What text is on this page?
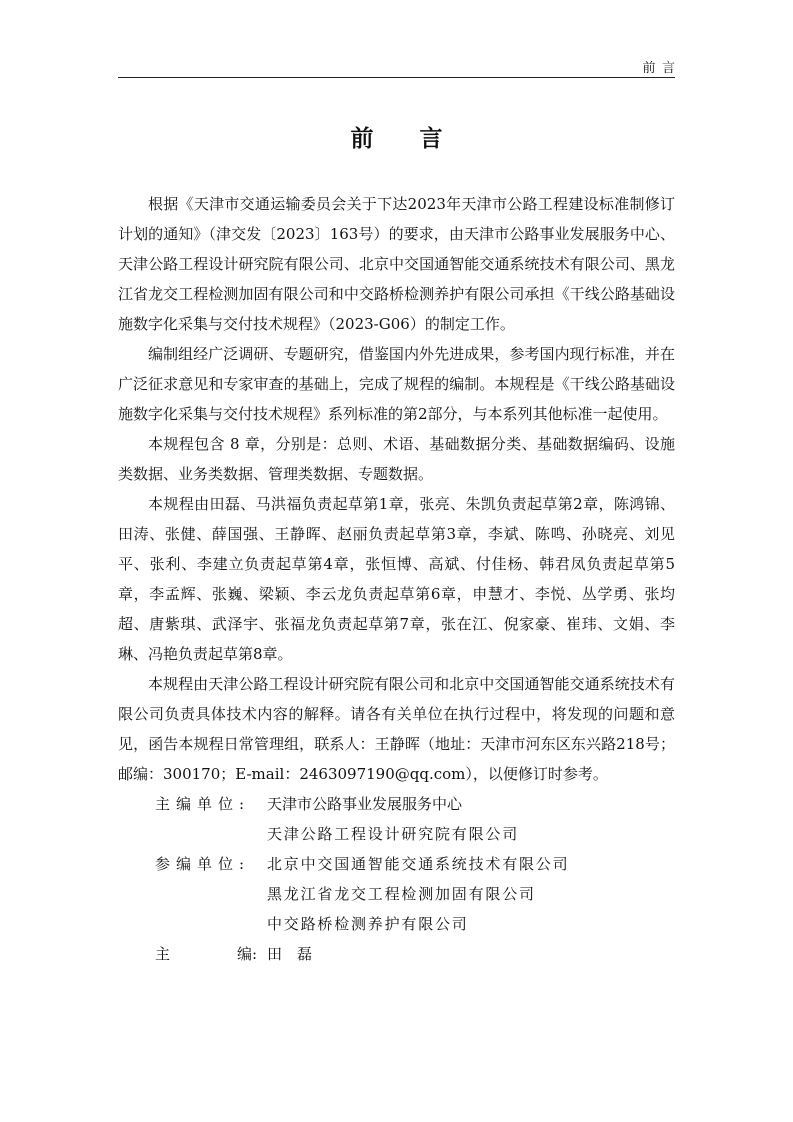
前言
前言

根据《天津市交通运输委员会关于下达2023年天津市公路工程建设标准制修订计划的通知》（津交发〔2023〕163号）的要求，由天津市公路事业发展服务中心、天津公路工程设计研究院有限公司、北京中交国通智能交通系统技术有限公司、黑龙江省龙交工程检测加固有限公司和中交路桥检测养护有限公司承担《干线公路基础设施数字化采集与交付技术规程》（2023-G06）的制定工作。

编制组经广泛调研、专题研究，借鉴国内外先进成果，参考国内现行标准，并在广泛征求意见和专家审查的基础上，完成了规程的编制。本规程是《干线公路基础设施数字化采集与交付技术规程》系列标准的第2部分，与本系列其他标准一起使用。

本规程包含 8 章，分别是：总则、术语、基础数据分类、基础数据编码、设施类数据、业务类数据、管理类数据、专题数据。

本规程由田磊、马洪福负责起草第1章，张亮、朱凯负责起草第2章，陈鸿锦、田涛、张健、薛国强、王静晖、赵丽负责起草第3章，李斌、陈鸣、孙晓亮、刘见平、张利、李建立负责起草第4章，张恒博、高斌、付佳杨、韩君凤负责起草第5章，李孟辉、张巍、梁颖、李云龙负责起草第6章，申慧才、李悦、丛学勇、张均超、唐紫琪、武泽宇、张福龙负责起草第7章，张在江、倪家豪、崔玮、文娟、李琳、冯艳负责起草第8章。

本规程由天津公路工程设计研究院有限公司和北京中交国通智能交通系统技术有限公司负责具体技术内容的解释。请各有关单位在执行过程中，将发现的问题和意见，函告本规程日常管理组，联系人：王静晖（地址：天津市河东区东兴路218号；邮编：300170；E-mail：2463097190@qq.com），以便修订时参考。

主编单位:	天津市公路事业发展服务中心
天津公路工程设计研究院有限公司
参编单位:	北京中交国通智能交通系统技术有限公司
黑龙江省龙交工程检测加固有限公司
中交路桥检测养护有限公司
主	编: 田磊
